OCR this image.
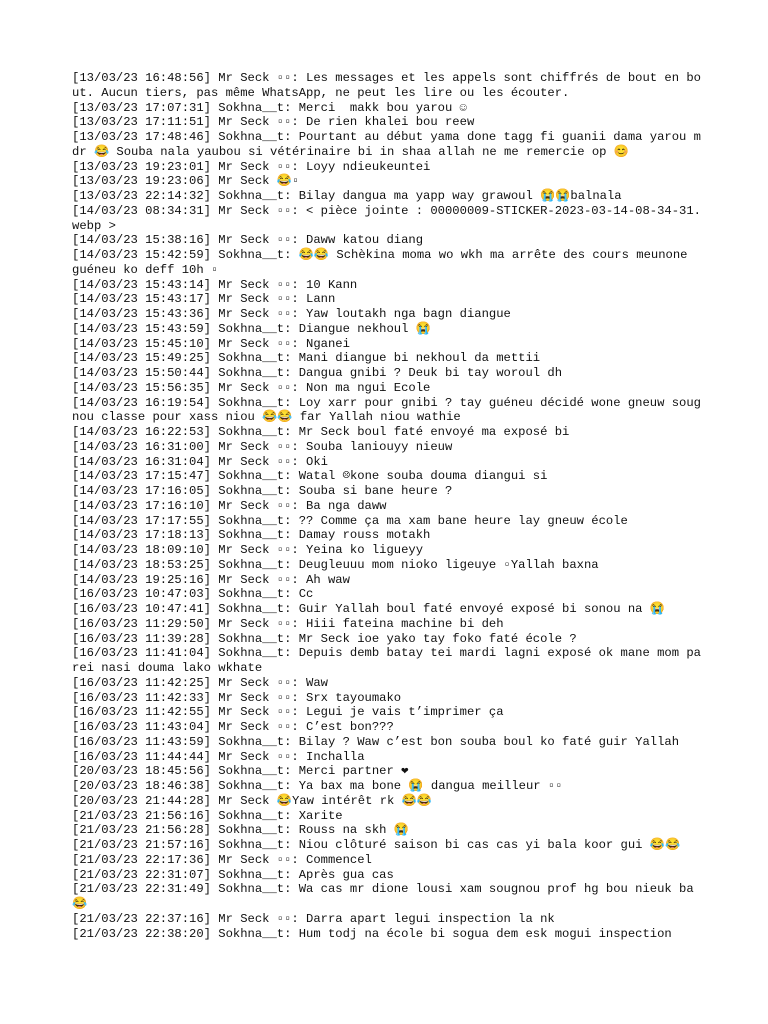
[13/03/23 16:48:56] Mr Seck ▫▫: Les messages et les appels sont chiffrés de bout en bout. Aucun tiers, pas même WhatsApp, ne peut les lire ou les écouter.

[13/03/23 17:07:31] Sokhna__t: Merci  makk bou yarou ☺

[13/03/23 17:11:51] Mr Seck ▫▫: De rien khalei bou reew

[13/03/23 17:48:46] Sokhna__t: Pourtant au début yama done tagg fi guanii dama yarou mdr 😂 Souba nala yaubou si vétérinaire bi in shaa allah ne me remercie op 😊

[13/03/23 19:23:01] Mr Seck ▫▫: Loyy ndieukeuntei

[13/03/23 19:23:06] Mr Seck 😂▫

[13/03/23 22:14:32] Sokhna__t: Bilay dangua ma yapp way grawoul 😭😭balnala

[14/03/23 08:34:31] Mr Seck ▫▫: < pièce jointe : 00000009-STICKER-2023-03-14-08-34-31.webp >

[14/03/23 15:38:16] Mr Seck ▫▫: Daww katou diang

[14/03/23 15:42:59] Sokhna__t: 😂😂 Schèkina moma wo wkh ma arrête des cours meunone guéneu ko deff 10h ▫

[14/03/23 15:43:14] Mr Seck ▫▫: 10 Kann

[14/03/23 15:43:17] Mr Seck ▫▫: Lann

[14/03/23 15:43:36] Mr Seck ▫▫: Yaw loutakh nga bagn diangue

[14/03/23 15:43:59] Sokhna__t: Diangue nekhoul 😭

[14/03/23 15:45:10] Mr Seck ▫▫: Nganei

[14/03/23 15:49:25] Sokhna__t: Mani diangue bi nekhoul da mettii

[14/03/23 15:50:44] Sokhna__t: Dangua gnibi ? Deuk bi tay woroul dh

[14/03/23 15:56:35] Mr Seck ▫▫: Non ma ngui Ecole

[14/03/23 16:19:54] Sokhna__t: Loy xarr pour gnibi ? tay guéneu décidé wone gneuw sougnou classe pour xass niou 😂😂 far Yallah niou wathie

[14/03/23 16:22:53] Sokhna__t: Mr Seck boul faté envoyé ma exposé bi

[14/03/23 16:31:00] Mr Seck ▫▫: Souba laniouyy nieuw

[14/03/23 16:31:04] Mr Seck ▫▫: Oki

[14/03/23 17:15:47] Sokhna__t: Watal ☹kone souba douma diangui si

[14/03/23 17:16:05] Sokhna__t: Souba si bane heure ?

[14/03/23 17:16:10] Mr Seck ▫▫: Ba nga daww

[14/03/23 17:17:55] Sokhna__t: ?? Comme ça ma xam bane heure lay gneuw école

[14/03/23 17:18:13] Sokhna__t: Damay rouss motakh

[14/03/23 18:09:10] Mr Seck ▫▫: Yeina ko ligueyy

[14/03/23 18:53:25] Sokhna__t: Deugleuuu mom nioko ligeuye ▫Yallah baxna

[14/03/23 19:25:16] Mr Seck ▫▫: Ah waw

[16/03/23 10:47:03] Sokhna__t: Cc

[16/03/23 10:47:41] Sokhna__t: Guir Yallah boul faté envoyé exposé bi sonou na 😭

[16/03/23 11:29:50] Mr Seck ▫▫: Hiii fateina machine bi deh

[16/03/23 11:39:28] Sokhna__t: Mr Seck ioe yako tay foko faté école ?

[16/03/23 11:41:04] Sokhna__t: Depuis demb batay tei mardi lagni exposé ok mane mom parei nasi douma lako wkhate

[16/03/23 11:42:25] Mr Seck ▫▫: Waw

[16/03/23 11:42:33] Mr Seck ▫▫: Srx tayoumako

[16/03/23 11:42:55] Mr Seck ▫▫: Legui je vais t’imprimer ça

[16/03/23 11:43:04] Mr Seck ▫▫: C’est bon???

[16/03/23 11:43:59] Sokhna__t: Bilay ? Waw c’est bon souba boul ko faté guir Yallah

[16/03/23 11:44:44] Mr Seck ▫▫: Inchalla

[20/03/23 18:45:56] Sokhna__t: Merci partner ❤

[20/03/23 18:46:38] Sokhna__t: Ya bax ma bone 😭 dangua meilleur ▫▫

[20/03/23 21:44:28] Mr Seck 😂Yaw intérêt rk 😂😂

[21/03/23 21:56:16] Sokhna__t: Xarite

[21/03/23 21:56:28] Sokhna__t: Rouss na skh 😭

[21/03/23 21:57:16] Sokhna__t: Niou clôturé saison bi cas cas yi bala koor gui 😂😂

[21/03/23 22:17:36] Mr Seck ▫▫: Commencel

[21/03/23 22:31:07] Sokhna__t: Après gua cas

[21/03/23 22:31:49] Sokhna__t: Wa cas mr dione lousi xam sougnou prof hg bou nieuk ba 😂

[21/03/23 22:37:16] Mr Seck ▫▫: Darra apart legui inspection la nk

[21/03/23 22:38:20] Sokhna__t: Hum todj na école bi sogua dem esk mogui inspection
